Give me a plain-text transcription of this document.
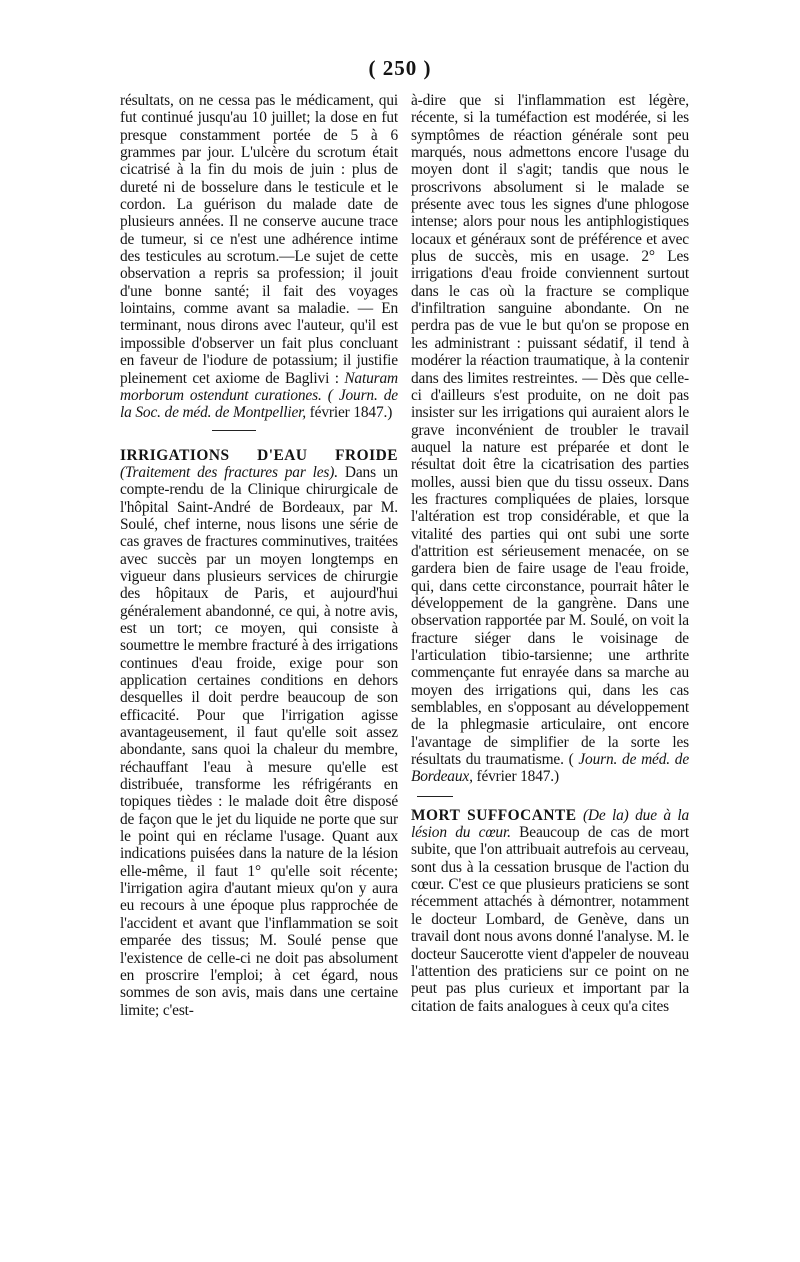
( 250 )

résultats, on ne cessa pas le médicament, qui fut continué jusqu'au 10 juillet; la dose en fut presque constamment portée de 5 à 6 grammes par jour. L'ulcère du scrotum était cicatrisé à la fin du mois de juin : plus de dureté ni de bosselure dans le testicule et le cordon. La guérison du malade date de plusieurs années. Il ne conserve aucune trace de tumeur, si ce n'est une adhérence intime des testicules au scrotum.—Le sujet de cette observation a repris sa profession; il jouit d'une bonne santé; il fait des voyages lointains, comme avant sa maladie. — En terminant, nous dirons avec l'auteur, qu'il est impossible d'observer un fait plus concluant en faveur de l'iodure de potassium; il justifie pleinement cet axiome de Baglivi : Naturam morborum ostendunt curationes. ( Journ. de la Soc. de méd. de Montpellier, février 1847.)

IRRIGATIONS D'EAU FROIDE (Traitement des fractures par les). Dans un compte-rendu de la Clinique chirurgicale de l'hôpital Saint-André de Bordeaux, par M. Soulé, chef interne, nous lisons une série de cas graves de fractures comminutives, traitées avec succès par un moyen longtemps en vigueur dans plusieurs services de chirurgie des hôpitaux de Paris, et aujourd'hui généralement abandonné, ce qui, à notre avis, est un tort; ce moyen, qui consiste à soumettre le membre fracturé à des irrigations continues d'eau froide, exige pour son application certaines conditions en dehors desquelles il doit perdre beaucoup de son efficacité. Pour que l'irrigation agisse avantageusement, il faut qu'elle soit assez abondante, sans quoi la chaleur du membre, réchauffant l'eau à mesure qu'elle est distribuée, transforme les réfrigérants en topiques tièdes : le malade doit être disposé de façon que le jet du liquide ne porte que sur le point qui en réclame l'usage. Quant aux indications puisées dans la nature de la lésion elle-même, il faut 1° qu'elle soit récente; l'irrigation agira d'autant mieux qu'on y aura eu recours à une époque plus rapprochée de l'accident et avant que l'inflammation se soit emparée des tissus; M. Soulé pense que l'existence de celle-ci ne doit pas absolument en proscrire l'emploi; à cet égard, nous sommes de son avis, mais dans une certaine limite; c'est-

à-dire que si l'inflammation est légère, récente, si la tuméfaction est modérée, si les symptômes de réaction générale sont peu marqués, nous admettons encore l'usage du moyen dont il s'agit; tandis que nous le proscrivons absolument si le malade se présente avec tous les signes d'une phlogose intense; alors pour nous les antiphlogistiques locaux et généraux sont de préférence et avec plus de succès, mis en usage. 2° Les irrigations d'eau froide conviennent surtout dans le cas où la fracture se complique d'infiltration sanguine abondante. On ne perdra pas de vue le but qu'on se propose en les administrant : puissant sédatif, il tend à modérer la réaction traumatique, à la contenir dans des limites restreintes. — Dès que celle-ci d'ailleurs s'est produite, on ne doit pas insister sur les irrigations qui auraient alors le grave inconvénient de troubler le travail auquel la nature est préparée et dont le résultat doit être la cicatrisation des parties molles, aussi bien que du tissu osseux. Dans les fractures compliquées de plaies, lorsque l'altération est trop considérable, et que la vitalité des parties qui ont subi une sorte d'attrition est sérieusement menacée, on se gardera bien de faire usage de l'eau froide, qui, dans cette circonstance, pourrait hâter le développement de la gangrène. Dans une observation rapportée par M. Soulé, on voit la fracture siéger dans le voisinage de l'articulation tibio-tarsienne; une arthrite commençante fut enrayée dans sa marche au moyen des irrigations qui, dans les cas semblables, en s'opposant au développement de la phlegmasie articulaire, ont encore l'avantage de simplifier de la sorte les résultats du traumatisme. ( Journ. de méd. de Bordeaux, février 1847.)

MORT SUFFOCANTE (De la) due à la lésion du cœur. Beaucoup de cas de mort subite, que l'on attribuait autrefois au cerveau, sont dus à la cessation brusque de l'action du cœur. C'est ce que plusieurs praticiens se sont récemment attachés à démontrer, notamment le docteur Lombard, de Genève, dans un travail dont nous avons donné l'analyse. M. le docteur Saucerotte vient d'appeler de nouveau l'attention des praticiens sur ce point on ne peut pas plus curieux et important par la citation de faits analogues à ceux qu'a cites
